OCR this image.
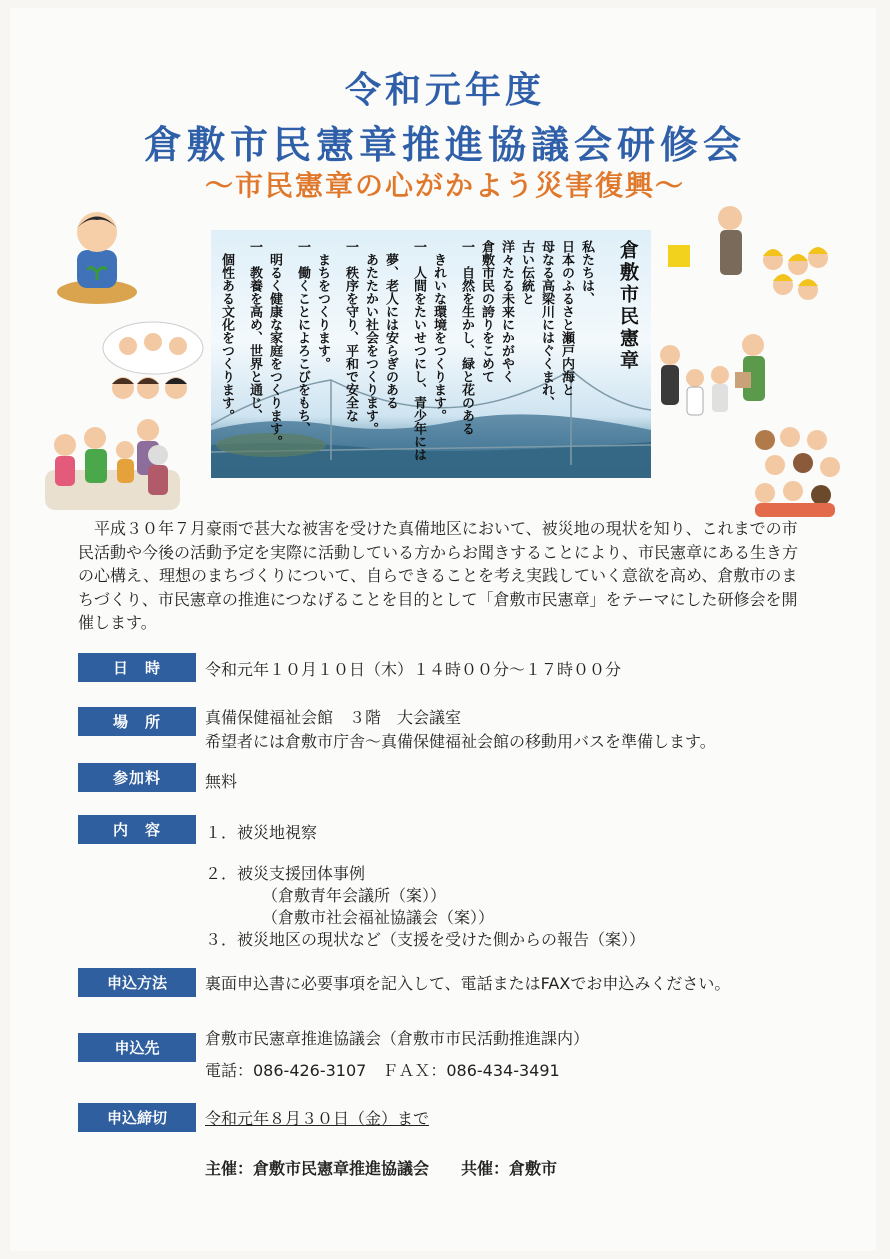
令和元年度
倉敷市民憲章推進協議会研修会
～市民憲章の心がかよう災害復興～
倉敷市民憲章
私たちは、
日本のふるさと瀬戸内海と
母なる高梁川にはぐくまれ、
古い伝統と
洋々たる未来にかがやく
倉敷市民の誇りをこめて
一　自然を生かし、緑と花のある
　きれいな環境をつくります。
一　人間をたいせつにし、青少年には
　夢、老人には安らぎのある
　あたたかい社会をつくります。
一　秩序を守り、平和で安全な
　まちをつくります。
一　働くことによろこびをもち、
　明るく健康な家庭をつくります。
一　教養を高め、世界と通じ、
　個性ある文化をつくります。
平成３０年７月豪雨で甚大な被害を受けた真備地区において、被災地の現状を知り、これまでの市民活動や今後の活動予定を実際に活動している方からお聞きすることにより、市民憲章にある生き方の心構え、理想のまちづくりについて、自らできることを考え実践していく意欲を高め、倉敷市のまちづくり、市民憲章の推進につなげることを目的として「倉敷市民憲章」をテーマにした研修会を開催します。
日　時	令和元年１０月１０日（木）１４時００分～１７時００分
場　所	真備保健福祉会館　３階　大会議室
希望者には倉敷市庁舎～真備保健福祉会館の移動用バスを準備します。
参加料	無料
内　容	１．被災地視察
２．被災支援団体事例
（倉敷青年会議所（案））
（倉敷市社会福祉協議会（案））
３．被災地区の現状など（支援を受けた側からの報告（案））
申込方法	裏面申込書に必要事項を記入して、電話またはFAXでお申込みください。
申込先	倉敷市民憲章推進協議会（倉敷市市民活動推進課内）
電話：086-426-3107　ＦＡＸ：086-434-3491
申込締切	令和元年８月３０日（金）まで
主催：倉敷市民憲章推進協議会　　共催：倉敷市
